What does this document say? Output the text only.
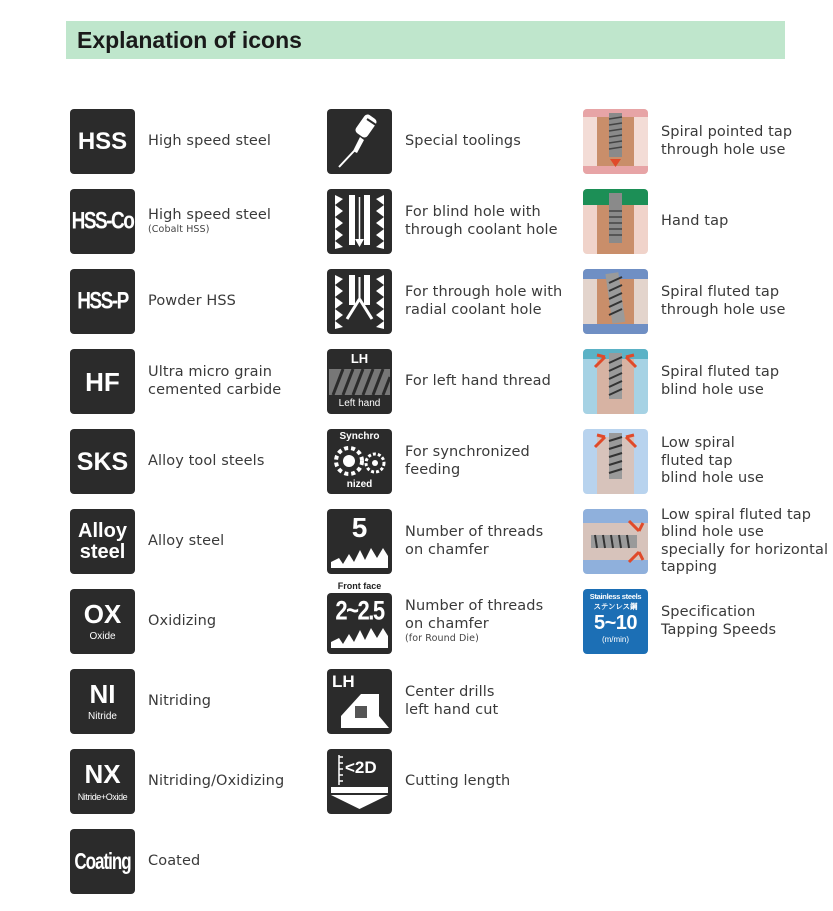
Explanation of icons
HSS High speed steel
HSS-Co High speed steel
(Cobalt HSS)
HSS-P Powder HSS
HF Ultra micro grain
cemented carbide
SKS Alloy tool steels
Alloy
steel Alloy steel
OX
Oxide
Oxidizing
NI
Nitride
Nitriding
NX
Nitride+Oxide
Nitriding/Oxidizing
Coating Coated
Special toolings
For blind hole with
through coolant hole
For through hole with
radial coolant hole
LH
Left hand
For left hand thread
Synchro
nized
For synchronized
feeding
5	Number of threads
on chamfer
Front face
2~2.5	Number of threads
on chamfer
(for Round Die)
LH
Center drills
left hand cut
<2D
Cutting length
Spiral pointed tap
through hole use
Hand tap
Spiral fluted tap
through hole use
Spiral fluted tap
blind hole use
Low spiral
fluted tap
blind hole use
Low spiral fluted tap
blind hole use
specially for horizontal
tapping
Stainless steels
ステンレス鋼
5~10
(m/min)
Specification
Tapping Speeds
